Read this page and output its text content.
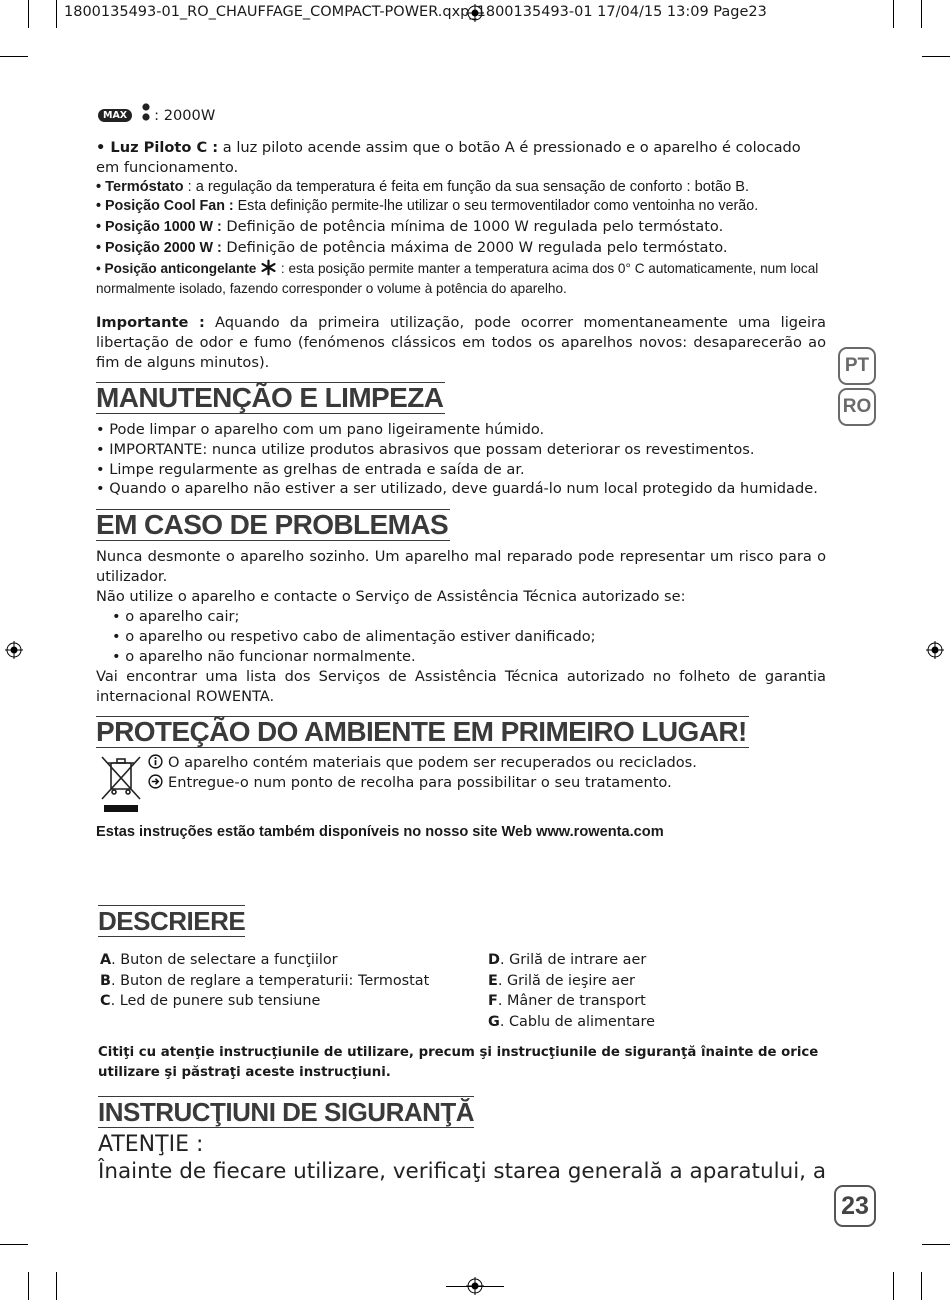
1800135493-01_RO_CHAUFFAGE_COMPACT-POWER.qxp_1800135493-01 17/04/15 13:09 Page23
MAX : 2000W
• Luz Piloto C : a luz piloto acende assim que o botão A é pressionado e o aparelho é colocado em funcionamento.
• Termóstato : a regulação da temperatura é feita em função da sua sensação de conforto : botão B.
• Posição Cool Fan : Esta definição permite-lhe utilizar o seu termoventilador como ventoinha no verão.
• Posição 1000 W : Definição de potência mínima de 1000 W regulada pelo termóstato.
• Posição 2000 W : Definição de potência máxima de 2000 W regulada pelo termóstato.
• Posição anticongelante  : esta posição permite manter a temperatura acima dos 0° C automaticamente, num local normalmente isolado, fazendo corresponder o volume à potência do aparelho.
Importante : Aquando da primeira utilização, pode ocorrer momentaneamente uma ligeira libertação de odor e fumo (fenómenos clássicos em todos os aparelhos novos: desaparecerão ao fim de alguns minutos).	PT
RO
MANUTENÇÃO E LIMPEZA
• Pode limpar o aparelho com um pano ligeiramente húmido.
• IMPORTANTE: nunca utilize produtos abrasivos que possam deteriorar os revestimentos.
• Limpe regularmente as grelhas de entrada e saída de ar.
• Quando o aparelho não estiver a ser utilizado, deve guardá-lo num local protegido da humidade.
EM CASO DE PROBLEMAS
Nunca desmonte o aparelho sozinho. Um aparelho mal reparado pode representar um risco para o utilizador.
Não utilize o aparelho e contacte o Serviço de Assistência Técnica autorizado se:
• o aparelho cair;
• o aparelho ou respetivo cabo de alimentação estiver danificado;
• o aparelho não funcionar normalmente.
Vai encontrar uma lista dos Serviços de Assistência Técnica autorizado no folheto de garantia internacional ROWENTA.
PROTEÇÃO DO AMBIENTE EM PRIMEIRO LUGAR!
O aparelho contém materiais que podem ser recuperados ou reciclados.
Entregue-o num ponto de recolha para possibilitar o seu tratamento.
Estas instruções estão também disponíveis no nosso site Web www.rowenta.com
DESCRIERE
A. Buton de selectare a funcţiilor
B. Buton de reglare a temperaturii: Termostat
C. Led de punere sub tensiune
D. Grilă de intrare aer
E. Grilă de ieşire aer
F. Mâner de transport
G. Cablu de alimentare
Citiţi cu atenţie instrucţiunile de utilizare, precum şi instrucţiunile de siguranţă înainte de orice utilizare şi păstraţi aceste instrucţiuni.
INSTRUCŢIUNI DE SIGURANŢĂ
ATENŢIE :
Înainte de fiecare utilizare, verificaţi starea generală a aparatului, a
23
